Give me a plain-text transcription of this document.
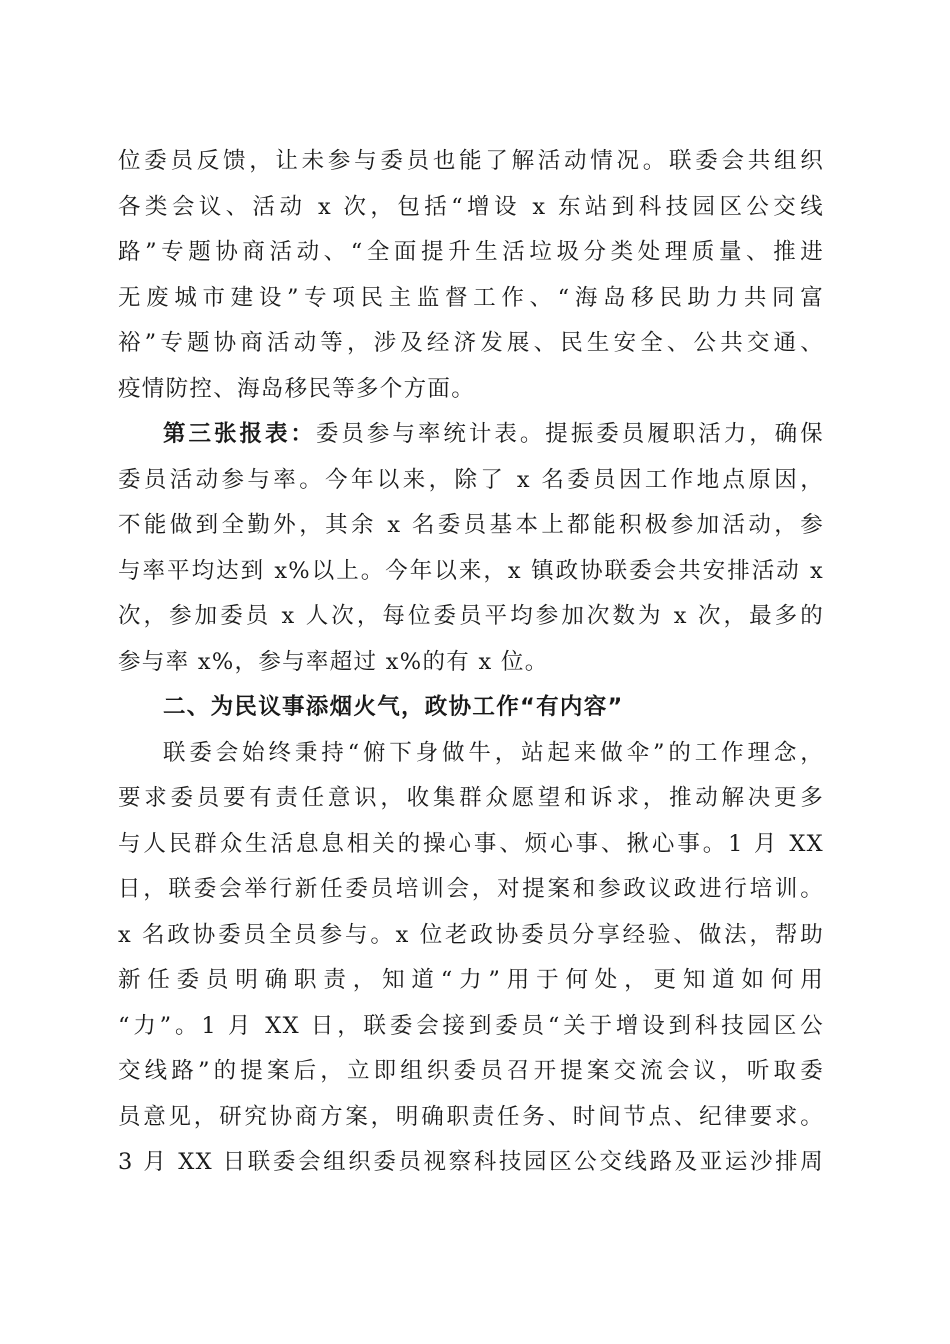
位委员反馈，让未参与委员也能了解活动情况。联委会共组织
各类会议、活动 x 次，包括“增设 x 东站到科技园区公交线
路”专题协商活动、“全面提升生活垃圾分类处理质量、推进
无废城市建设”专项民主监督工作、“海岛移民助力共同富
裕”专题协商活动等，涉及经济发展、民生安全、公共交通、
疫情防控、海岛移民等多个方面。
第三张报表：委员参与率统计表。提振委员履职活力，确保
委员活动参与率。今年以来，除了 x 名委员因工作地点原因，
不能做到全勤外，其余 x 名委员基本上都能积极参加活动，参
与率平均达到 x%以上。今年以来，x 镇政协联委会共安排活动 x
次，参加委员 x 人次，每位委员平均参加次数为 x 次，最多的
参与率 x%，参与率超过 x%的有 x 位。
二、为民议事添烟火气，政协工作“有内容”
联委会始终秉持“俯下身做牛，站起来做伞”的工作理念，
要求委员要有责任意识，收集群众愿望和诉求，推动解决更多
与人民群众生活息息相关的操心事、烦心事、揪心事。1 月 XX
日，联委会举行新任委员培训会，对提案和参政议政进行培训。
x 名政协委员全员参与。x 位老政协委员分享经验、做法，帮助
新任委员明确职责，知道“力”用于何处，更知道如何用
“力”。1 月 XX 日，联委会接到委员“关于增设到科技园区公
交线路”的提案后，立即组织委员召开提案交流会议，听取委
员意见，研究协商方案，明确职责任务、时间节点、纪律要求。
3 月 XX 日联委会组织委员视察科技园区公交线路及亚运沙排周
